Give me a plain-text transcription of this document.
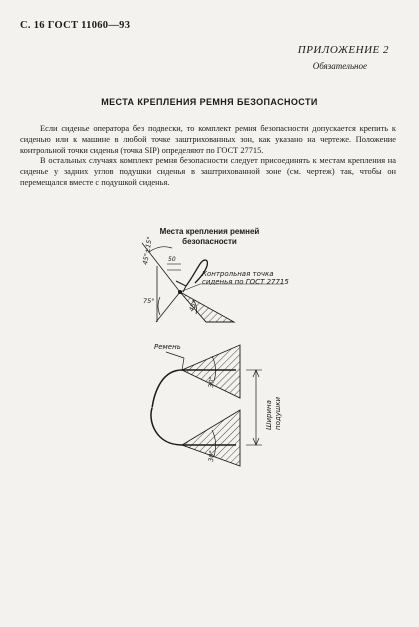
С. 16 ГОСТ 11060—93
ПРИЛОЖЕНИЕ 2
Обязательное
МЕСТА КРЕПЛЕНИЯ РЕМНЯ БЕЗОПАСНОСТИ

Если сиденье оператора без подвески, то комплект ремня безопасности допускается крепить к сиденью или к машине в любой точке заштрихованных зон, как указано на чертеже. Положение контрольной точки сиденья (точка SIP) определяют по ГОСТ 27715.

В остальных случаях комплект ремня безопасности следует присоединять к местам крепления на сиденье у задних углов подушки сиденья в заштрихованной зоне (см. чертеж) так, чтобы он перемещался вместе с подушкой сиденья.

Места крепления ремней
безопасности
45°±15° 50
Контрольная точка
сиденья по ГОСТ 27715
75°	45°
Ремень
30°
30°
Ширина подушки
